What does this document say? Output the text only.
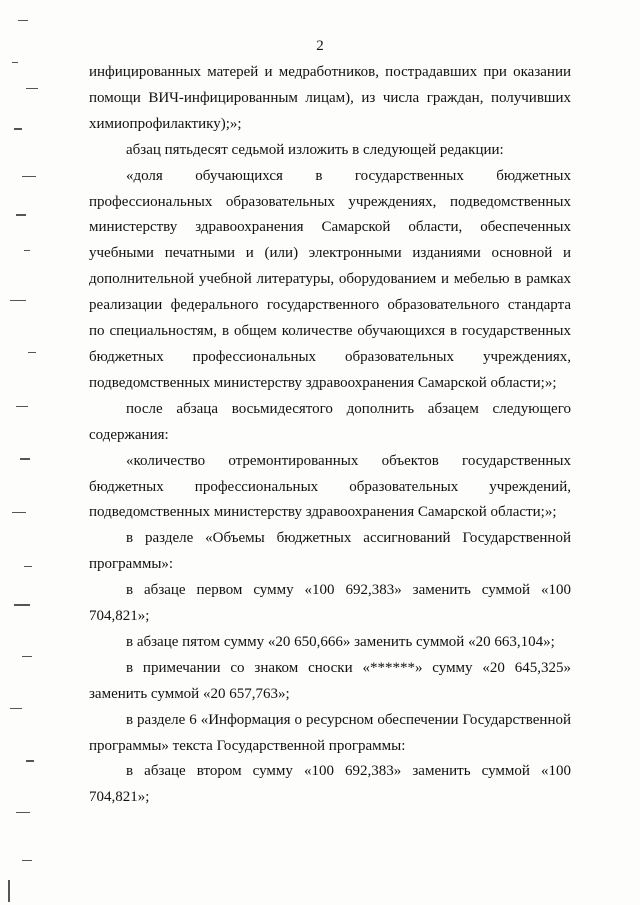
2

инфицированных матерей и медработников, пострадавших при оказании помощи ВИЧ-инфицированным лицам), из числа граждан, получивших химиопрофилактику);»;

абзац пятьдесят седьмой изложить в следующей редакции:

«доля обучающихся в государственных бюджетных профессиональных образовательных учреждениях, подведомственных министерству здравоохранения Самарской области, обеспеченных учебными печатными и (или) электронными изданиями основной и дополнительной учебной литературы, оборудованием и мебелью в рамках реализации федерального государственного образовательного стандарта по специальностям, в общем количестве обучающихся в государственных бюджетных профессиональных образовательных учреждениях, подведомственных министерству здравоохранения Самарской области;»;

после абзаца восьмидесятого дополнить абзацем следующего содержания:

«количество отремонтированных объектов государственных бюджетных профессиональных образовательных учреждений, подведомственных министерству здравоохранения Самарской области;»;

в разделе «Объемы бюджетных ассигнований Государственной программы»:

в абзаце первом сумму «100 692,383» заменить суммой «100 704,821»;

в абзаце пятом сумму «20 650,666» заменить суммой «20 663,104»;

в примечании со знаком сноски «******» сумму «20 645,325» заменить суммой «20 657,763»;

в разделе 6 «Информация о ресурсном обеспечении Государственной программы» текста Государственной программы:

в абзаце втором сумму «100 692,383» заменить суммой «100 704,821»;
